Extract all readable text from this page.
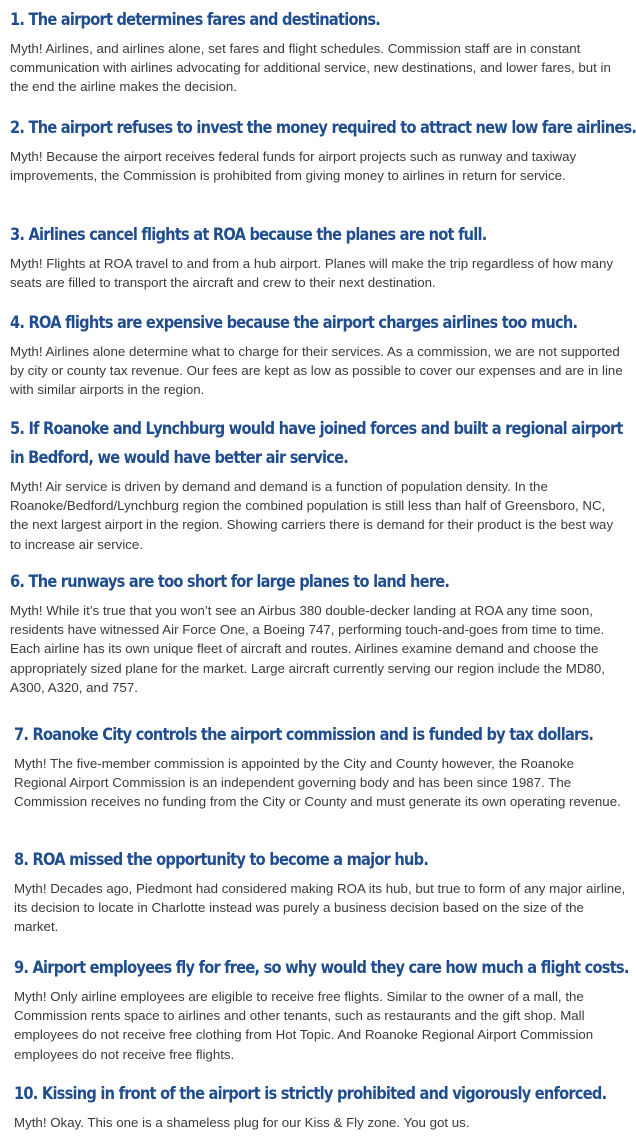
1. The airport determines fares and destinations.

Myth! Airlines, and airlines alone, set fares and flight schedules. Commission staff are in constant communication with airlines advocating for additional service, new destinations, and lower fares, but in the end the airline makes the decision.

2. The airport refuses to invest the money required to attract new low fare airlines.

Myth! Because the airport receives federal funds for airport projects such as runway and taxiway improvements, the Commission is prohibited from giving money to airlines in return for service.

3. Airlines cancel flights at ROA because the planes are not full.

Myth! Flights at ROA travel to and from a hub airport. Planes will make the trip regardless of how many seats are filled to transport the aircraft and crew to their next destination.

4. ROA flights are expensive because the airport charges airlines too much.

Myth! Airlines alone determine what to charge for their services. As a commission, we are not supported by city or county tax revenue. Our fees are kept as low as possible to cover our expenses and are in line with similar airports in the region.

5. If Roanoke and Lynchburg would have joined forces and built a regional airport in Bedford, we would have better air service.

Myth! Air service is driven by demand and demand is a function of population density. In the Roanoke/Bedford/Lynchburg region the combined population is still less than half of Greensboro, NC, the next largest airport in the region. Showing carriers there is demand for their product is the best way to increase air service.

6. The runways are too short for large planes to land here.

Myth! While it’s true that you won’t see an Airbus 380 double-decker landing at ROA any time soon, residents have witnessed Air Force One, a Boeing 747, performing touch-and-goes from time to time. Each airline has its own unique fleet of aircraft and routes. Airlines examine demand and choose the appropriately sized plane for the market. Large aircraft currently serving our region include the MD80, A300, A320, and 757.

7. Roanoke City controls the airport commission and is funded by tax dollars.

Myth! The five-member commission is appointed by the City and County however, the Roanoke Regional Airport Commission is an independent governing body and has been since 1987. The Commission receives no funding from the City or County and must generate its own operating revenue.

8. ROA missed the opportunity to become a major hub.

Myth! Decades ago, Piedmont had considered making ROA its hub, but true to form of any major airline, its decision to locate in Charlotte instead was purely a business decision based on the size of the market.

9. Airport employees fly for free, so why would they care how much a flight costs.

Myth! Only airline employees are eligible to receive free flights. Similar to the owner of a mall, the Commission rents space to airlines and other tenants, such as restaurants and the gift shop. Mall employees do not receive free clothing from Hot Topic. And Roanoke Regional Airport Commission employees do not receive free flights.

10. Kissing in front of the airport is strictly prohibited and vigorously enforced.

Myth! Okay. This one is a shameless plug for our Kiss & Fly zone. You got us.
